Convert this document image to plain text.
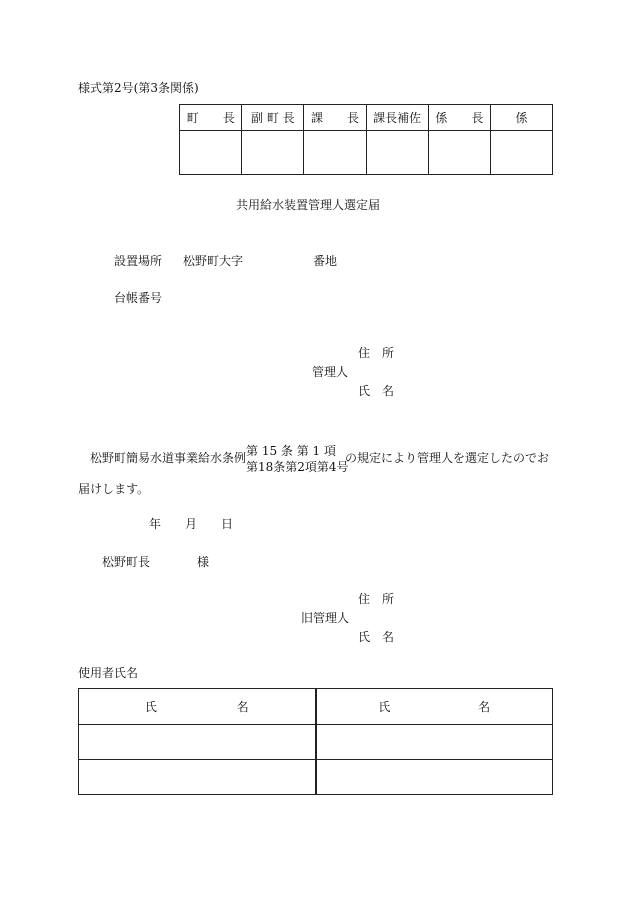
様式第2号(第3条関係)
町　　長	副 町 長	課　　長	課長補佐	係　　長	係

共用給水装置管理人選定届
設置場所 松野町大字	番地
台帳番号
住　所
管理人
氏　名
松野町簡易水道事業給水条例 第 15 条 第 1 項
第18条第2項第4号
の規定により管理人を選定したのでお
届けします。
年 月 日
松野町長	様
住　所
旧管理人
氏　名
使用者氏名
氏 名	氏 名
